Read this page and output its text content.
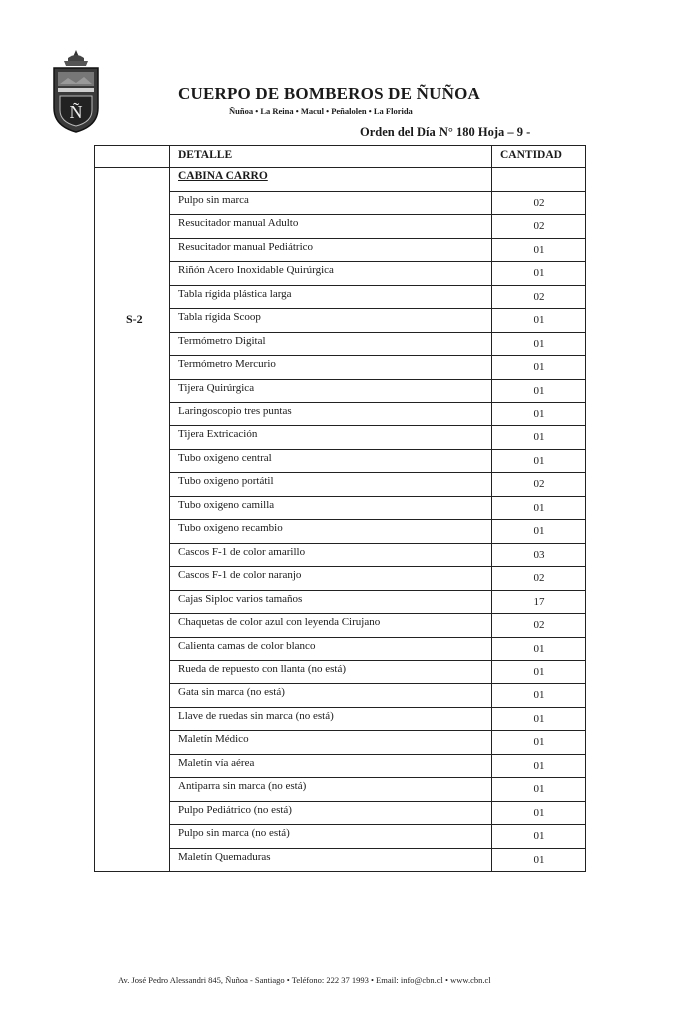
Ñ
CUERPO DE BOMBEROS DE ÑUÑOA
Ñuñoa • La Reina • Macul • Peñalolen • La Florida
Orden del Día N° 180 Hoja – 9 -
DETALLE	CANTIDAD
CABINA CARRO
S-2
Pulpo sin marca	02
Resucitador manual Adulto	02
Resucitador manual Pediátrico	01
Riñón Acero Inoxidable Quirúrgica	01
Tabla rígida plástica larga	02
Tabla rígida Scoop	01
Termómetro Digital	01
Termómetro Mercurio	01
Tijera Quirúrgica	01
Laringoscopio tres puntas	01
Tijera Extricación	01
Tubo oxigeno central	01
Tubo oxigeno portátil	02
Tubo oxigeno camilla	01
Tubo oxigeno recambio	01
Cascos F-1 de color amarillo	03
Cascos F-1 de color naranjo	02
Cajas Siploc varios tamaños	17
Chaquetas de color azul con leyenda Cirujano	02
Calienta camas de color blanco	01
Rueda de repuesto con llanta (no está)	01
Gata sin marca (no está)	01
Llave de ruedas sin marca (no está)	01
Maletín Médico	01
Maletín vía aérea	01
Antiparra sin marca (no está)	01
Pulpo Pediátrico (no está)	01
Pulpo sin marca (no está)	01
Maletín Quemaduras	01
Av. José Pedro Alessandri 845, Ñuñoa - Santiago • Teléfono: 222 37 1993 • Email: info@cbn.cl • www.cbn.cl
